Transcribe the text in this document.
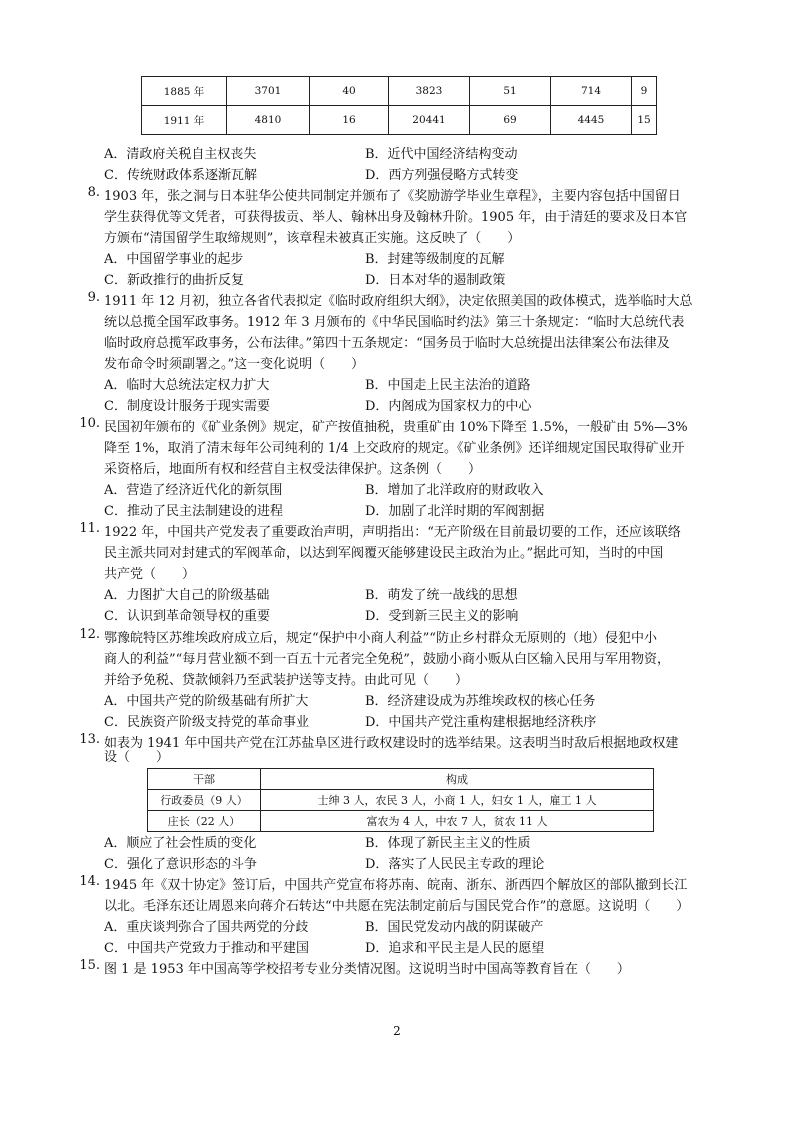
1885 年	3701	40	3823	51	714	9
1911 年	4810	16	20441	69	4445	15
A．清政府关税自主权丧失	B．近代中国经济结构变动
C．传统财政体系逐渐瓦解	D．西方列强侵略方式转变
8. 1903 年，张之洞与日本驻华公使共同制定并颁布了《奖励游学毕业生章程》，主要内容包括中国留日
学生获得优等文凭者，可获得拔贡、举人、翰林出身及翰林升阶。1905 年，由于清廷的要求及日本官
方颁布“清国留学生取缔规则”，该章程未被真正实施。这反映了（　　）
A．中国留学事业的起步	B．封建等级制度的瓦解
C．新政推行的曲折反复	D．日本对华的遏制政策
9. 1911 年 12 月初，独立各省代表拟定《临时政府组织大纲》，决定依照美国的政体模式，选举临时大总
统以总揽全国军政事务。1912 年 3 月颁布的《中华民国临时约法》第三十条规定：“临时大总统代表
临时政府总揽军政事务，公布法律。”第四十五条规定：“国务员于临时大总统提出法律案公布法律及
发布命令时须副署之。”这一变化说明（　　）
A．临时大总统法定权力扩大	B．中国走上民主法治的道路
C．制度设计服务于现实需要	D．内阁成为国家权力的中心
10. 民国初年颁布的《矿业条例》规定，矿产按值抽税，贵重矿由 10%下降至 1.5%，一般矿由 5%—3%
降至 1%，取消了清末每年公司纯利的 1/4 上交政府的规定。《矿业条例》还详细规定国民取得矿业开
采资格后，地面所有权和经营自主权受法律保护。这条例（　　）
A．营造了经济近代化的新氛围	B．增加了北洋政府的财政收入
C．推动了民主法制建设的进程	D．加剧了北洋时期的军阀割据
11. 1922 年，中国共产党发表了重要政治声明，声明指出：“无产阶级在目前最切要的工作，还应该联络
民主派共同对封建式的军阀革命，以达到军阀覆灭能够建设民主政治为止。”据此可知，当时的中国
共产党（　　）
A．力图扩大自己的阶级基础	B．萌发了统一战线的思想
C．认识到革命领导权的重要	D．受到新三民主义的影响
12. 鄂豫皖特区苏维埃政府成立后，规定“保护中小商人利益”“防止乡村群众无原则的（地）侵犯中小
商人的利益”“每月营业额不到一百五十元者完全免税”，鼓励小商小贩从白区输入民用与军用物资，
并给予免税、贷款倾斜乃至武装护送等支持。由此可见（　　）
A．中国共产党的阶级基础有所扩大	B．经济建设成为苏维埃政权的核心任务
C．民族资产阶级支持党的革命事业	D．中国共产党注重构建根据地经济秩序
13. 如表为 1941 年中国共产党在江苏盐阜区进行政权建设时的选举结果。这表明当时敌后根据地政权建
设（　　）
干部	构成
行政委员（9 人）	士绅 3 人，农民 3 人，小商 1 人，妇女 1 人，雇工 1 人
庄长（22 人）	富农为 4 人，中农 7 人，贫农 11 人
A．顺应了社会性质的变化	B．体现了新民主主义的性质
C．强化了意识形态的斗争	D．落实了人民民主专政的理论
14. 1945 年《双十协定》签订后，中国共产党宣布将苏南、皖南、浙东、浙西四个解放区的部队撤到长江
以北。毛泽东还让周恩来向蒋介石转达“中共愿在宪法制定前后与国民党合作”的意愿。这说明（　　）
A．重庆谈判弥合了国共两党的分歧	B．国民党发动内战的阴谋破产
C．中国共产党致力于推动和平建国	D．追求和平民主是人民的愿望
15. 图 1 是 1953 年中国高等学校招考专业分类情况图。这说明当时中国高等教育旨在（　　）
2
